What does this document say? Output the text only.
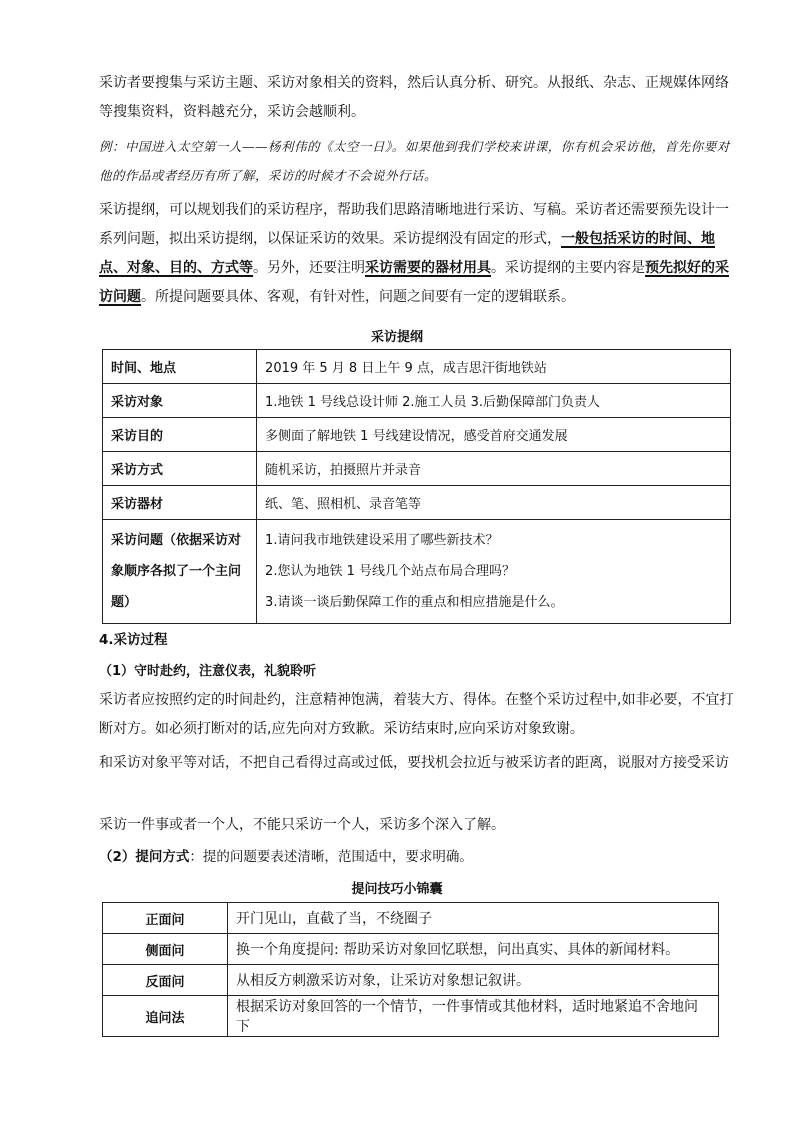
采访者要搜集与采访主题、采访对象相关的资料，然后认真分析、研究。从报纸、杂志、正规媒体网络等搜集资料，资料越充分，采访会越顺利。

例：中国进入太空第一人——杨利伟的《太空一日》。如果他到我们学校来讲课，你有机会采访他，首先你要对他的作品或者经历有所了解，采访的时候才不会说外行话。

采访提纲，可以规划我们的采访程序，帮助我们思路清晰地进行采访、写稿。采访者还需要预先设计一系列问题，拟出采访提纲，以保证采访的效果。采访提纲没有固定的形式，一般包括采访的时间、地点、对象、目的、方式等。另外，还要注明采访需要的器材用具。采访提纲的主要内容是预先拟好的采访问题。所提问题要具体、客观，有针对性，问题之间要有一定的逻辑联系。

采访提纲

时间、地点	2019 年 5 月 8 日上午 9 点，成吉思汗街地铁站
采访对象	1.地铁 1 号线总设计师 2.施工人员 3.后勤保障部门负责人
采访目的	多侧面了解地铁 1 号线建设情况，感受首府交通发展
采访方式	随机采访，拍摄照片并录音
采访器材	纸、笔、照相机、录音笔等
采访问题（依据采访对象顺序各拟了一个主问题）	1.请问我市地铁建设采用了哪些新技术？
2.您认为地铁 1 号线几个站点布局合理吗？
3.请谈一谈后勤保障工作的重点和相应措施是什么。

4.采访过程

（1）守时赴约，注意仪表，礼貌聆听

采访者应按照约定的时间赴约，注意精神饱满，着装大方、得体。在整个采访过程中,如非必要，不宜打断对方。如必须打断对的话,应先向对方致歉。采访结束时,应向采访对象致谢。

和采访对象平等对话，不把自己看得过高或过低，要找机会拉近与被采访者的距离，说服对方接受采访

采访一件事或者一个人，不能只采访一个人，采访多个深入了解。

（2）提问方式：提的问题要表述清晰，范围适中，要求明确。

提问技巧小锦囊

正面问	开门见山，直截了当，不绕圈子
侧面问	换一个角度提问: 帮助采访对象回忆联想，问出真实、具体的新闻材料。
反面问	从相反方刺激采访对象，让采访对象想记叙讲。
追问法	根据采访对象回答的一个情节，一件事情或其他材料，适时地紧追不舍地问下
